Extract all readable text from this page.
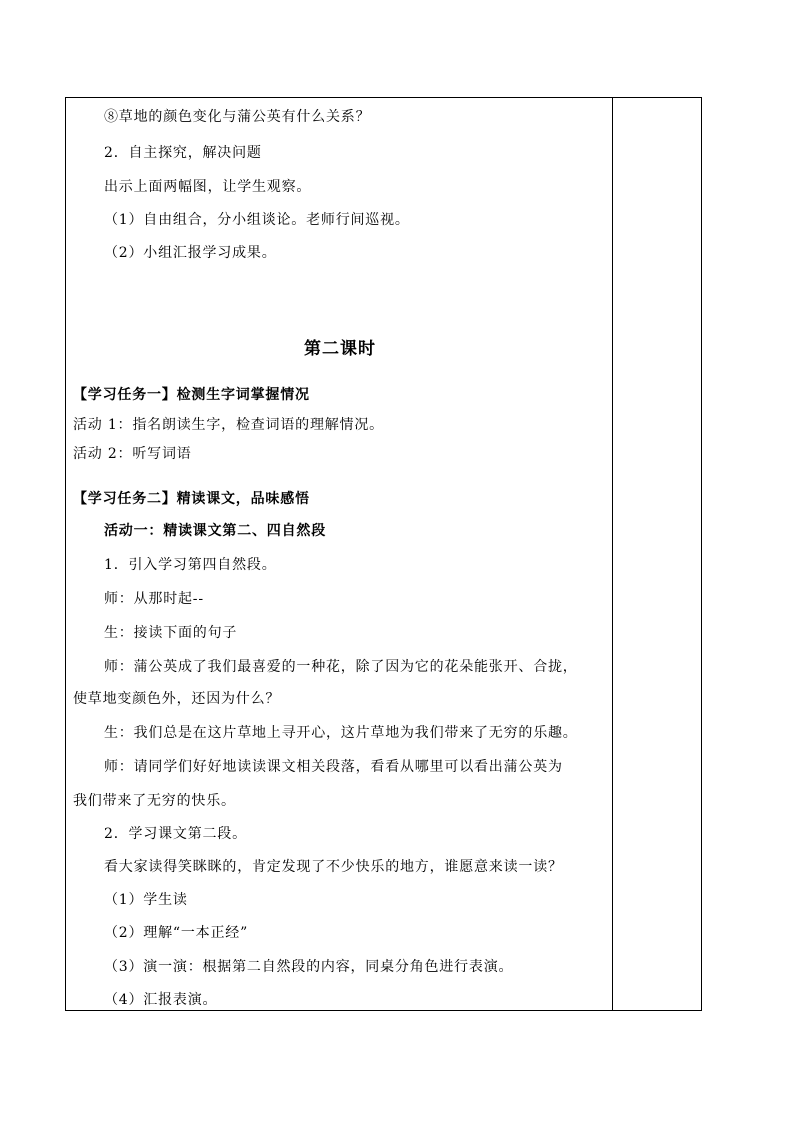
⑧草地的颜色变化与蒲公英有什么关系？
2．自主探究，解决问题
出示上面两幅图，让学生观察。
（1）自由组合，分小组谈论。老师行间巡视。
（2）小组汇报学习成果。
第二课时
【学习任务一】检测生字词掌握情况
活动 1：指名朗读生字，检查词语的理解情况。
活动 2：听写词语
【学习任务二】精读课文，品味感悟
活动一：精读课文第二、四自然段
1．引入学习第四自然段。
师：从那时起--
生：接读下面的句子
师：蒲公英成了我们最喜爱的一种花，除了因为它的花朵能张开、合拢，
使草地变颜色外，还因为什么？
生：我们总是在这片草地上寻开心，这片草地为我们带来了无穷的乐趣。
师：请同学们好好地读读课文相关段落，看看从哪里可以看出蒲公英为
我们带来了无穷的快乐。
2．学习课文第二段。
看大家读得笑眯眯的，肯定发现了不少快乐的地方，谁愿意来读一读？
（1）学生读
（2）理解“一本正经”
（3）演一演：根据第二自然段的内容，同桌分角色进行表演。
（4）汇报表演。
